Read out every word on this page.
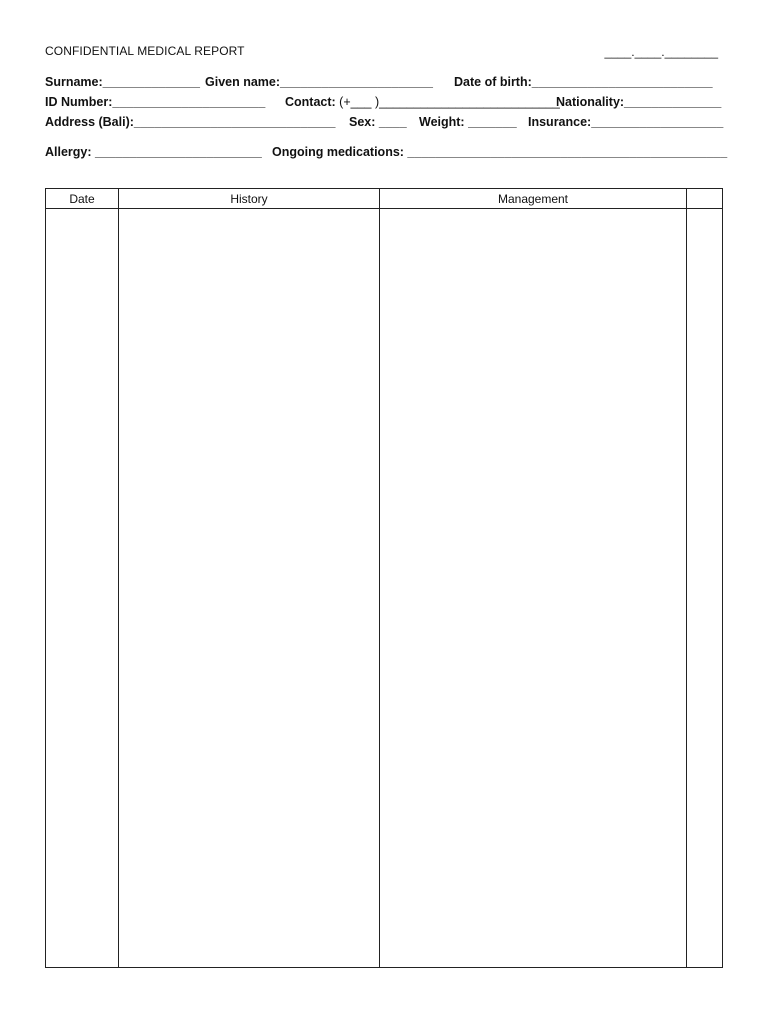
CONFIDENTIAL MEDICAL REPORT	____.____.________
Surname:______________ Given name:______________________ Date of birth:__________________________
ID Number:______________________ Contact: (+___ )__________________________
Nationality:______________
Address (Bali):_____________________________ Sex: ____ Weight: _______ Insurance:___________________
Allergy: ________________________ Ongoing medications: ______________________________________________
Date	History	Management	
